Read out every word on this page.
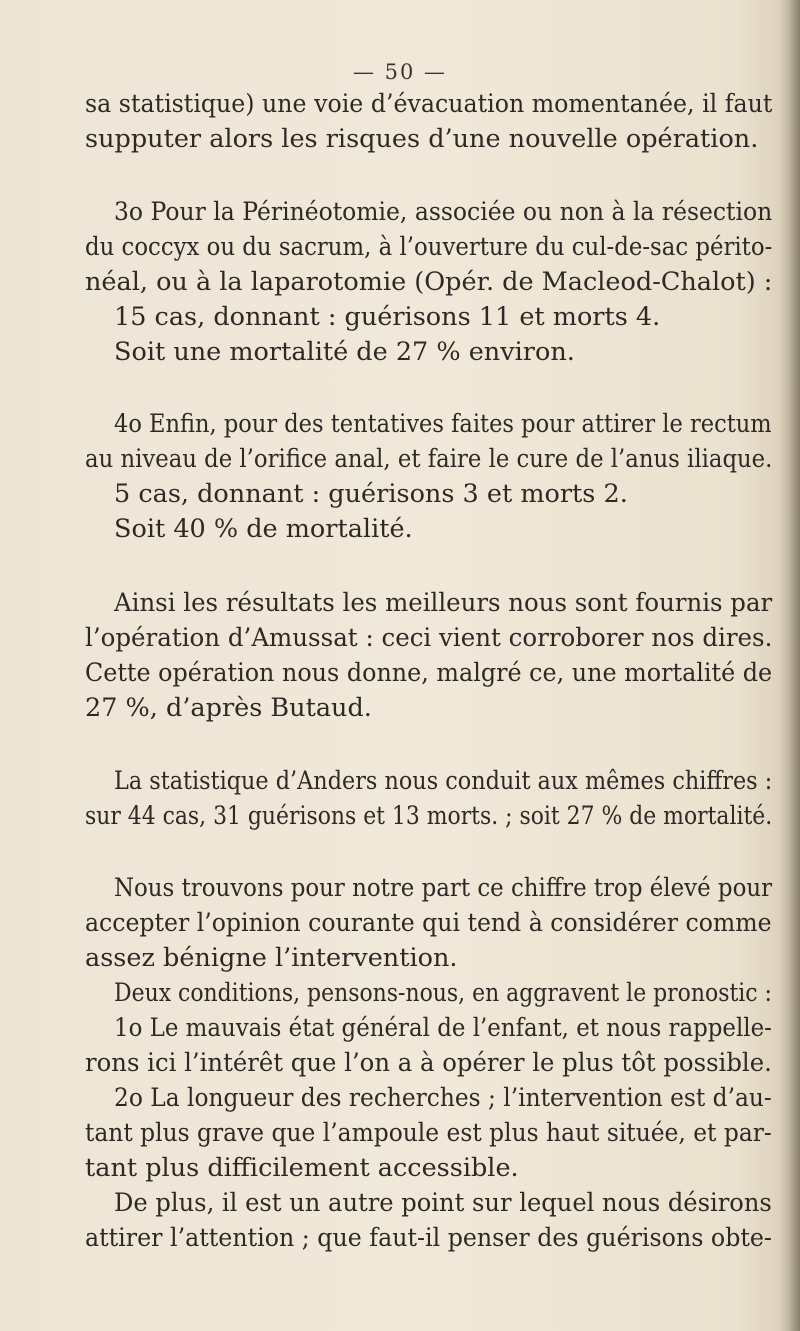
— 50 —
sa statistique) une voie d’évacuation momentanée, il faut
supputer alors les risques d’une nouvelle opération.
3o Pour la Périnéotomie, associée ou non à la résection
du coccyx ou du sacrum, à l’ouverture du cul-de-sac périto-
néal, ou à la laparotomie (Opér. de Macleod-Chalot) :
15 cas, donnant : guérisons 11 et morts 4.
Soit une mortalité de 27 % environ.
4o Enfin, pour des tentatives faites pour attirer le rectum
au niveau de l’orifice anal, et faire le cure de l’anus iliaque.
5 cas, donnant : guérisons 3 et morts 2.
Soit 40 % de mortalité.
Ainsi les résultats les meilleurs nous sont fournis par
l’opération d’Amussat : ceci vient corroborer nos dires.
Cette opération nous donne, malgré ce, une mortalité de
27 %, d’après Butaud.
La statistique d’Anders nous conduit aux mêmes chiffres :
sur 44 cas, 31 guérisons et 13 morts. ; soit 27 % de mortalité.
Nous trouvons pour notre part ce chiffre trop élevé pour
accepter l’opinion courante qui tend à considérer comme
assez bénigne l’intervention.
Deux conditions, pensons-nous, en aggravent le pronostic :
1o Le mauvais état général de l’enfant, et nous rappelle-
rons ici l’intérêt que l’on a à opérer le plus tôt possible.
2o La longueur des recherches ; l’intervention est d’au-
tant plus grave que l’ampoule est plus haut située, et par-
tant plus difficilement accessible.
De plus, il est un autre point sur lequel nous désirons
attirer l’attention ; que faut-il penser des guérisons obte-
